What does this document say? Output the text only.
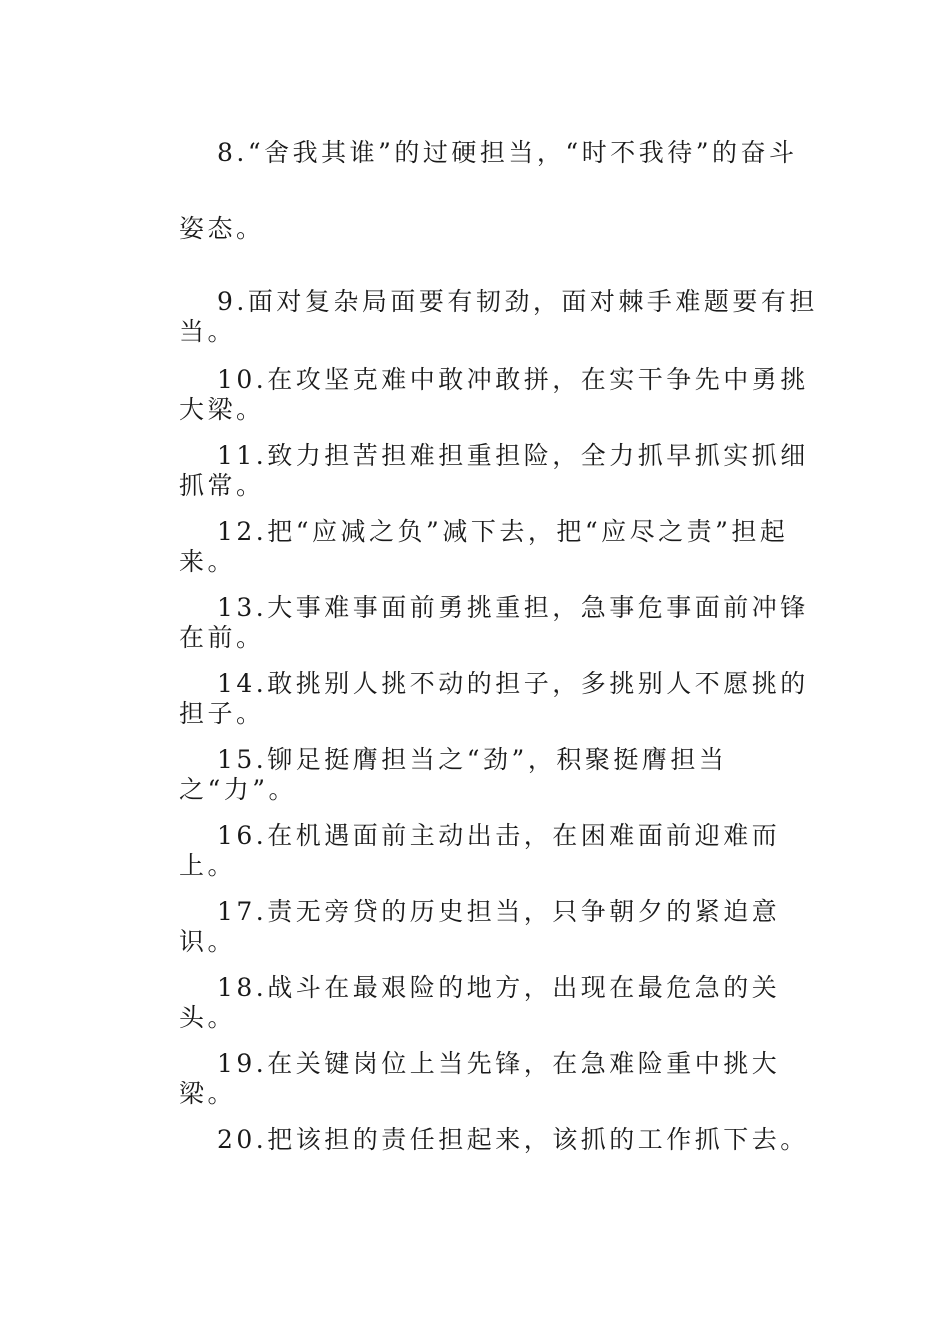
8.“舍我其谁”的过硬担当，“时不我待”的奋斗姿态。

9.面对复杂局面要有韧劲，面对棘手难题要有担当。

10.在攻坚克难中敢冲敢拼，在实干争先中勇挑大梁。

11.致力担苦担难担重担险，全力抓早抓实抓细抓常。

12.把“应减之负”减下去，把“应尽之责”担起来。

13.大事难事面前勇挑重担，急事危事面前冲锋在前。

14.敢挑别人挑不动的担子，多挑别人不愿挑的担子。

15.铆足挺膺担当之“劲”，积聚挺膺担当之“力”。

16.在机遇面前主动出击，在困难面前迎难而上。

17.责无旁贷的历史担当，只争朝夕的紧迫意识。

18.战斗在最艰险的地方，出现在最危急的关头。

19.在关键岗位上当先锋，在急难险重中挑大梁。

20.把该担的责任担起来，该抓的工作抓下去。
